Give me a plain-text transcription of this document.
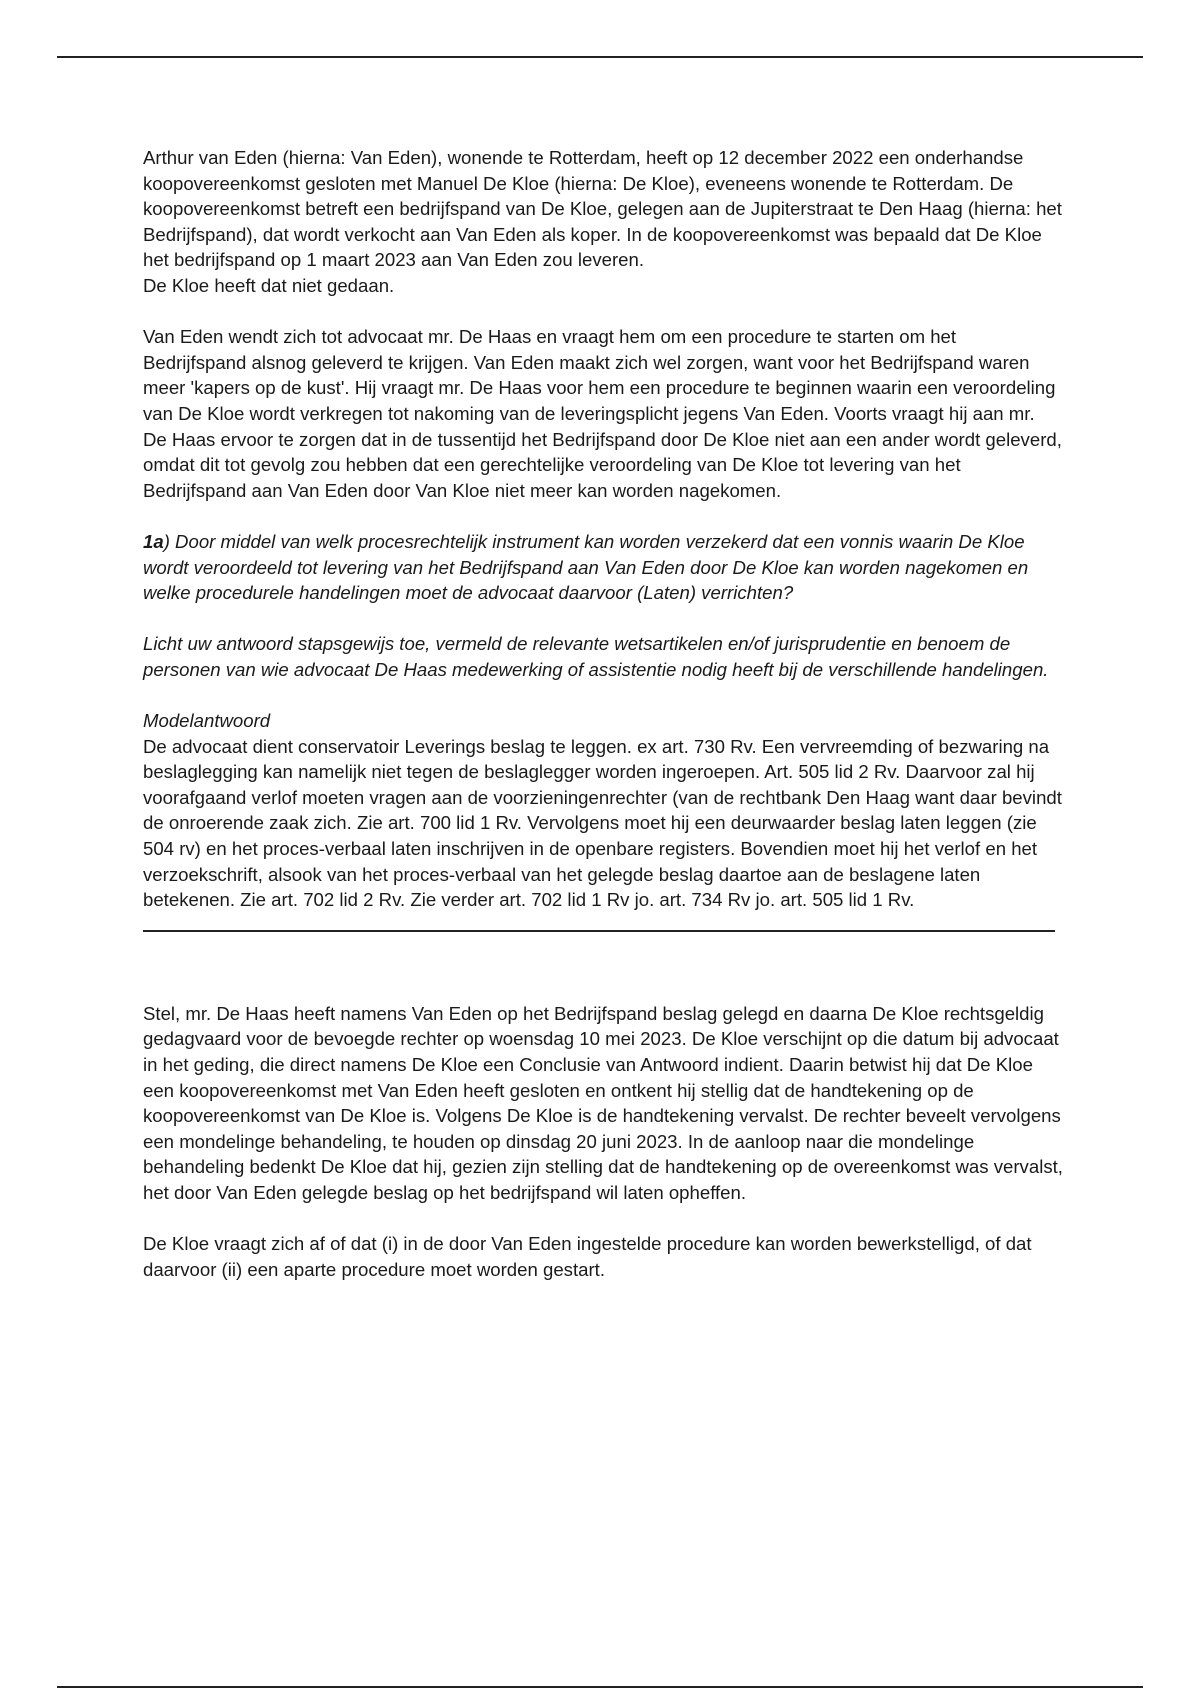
Arthur van Eden (hierna: Van Eden), wonende te Rotterdam, heeft op 12 december 2022 een onderhandse koopovereenkomst gesloten met Manuel De Kloe (hierna: De Kloe), eveneens wonende te Rotterdam. De koopovereenkomst betreft een bedrijfspand van De Kloe, gelegen aan de Jupiterstraat te Den Haag (hierna: het Bedrijfspand), dat wordt verkocht aan Van Eden als koper. In de koopovereenkomst was bepaald dat De Kloe het bedrijfspand op 1 maart 2023 aan Van Eden zou leveren.

De Kloe heeft dat niet gedaan.

Van Eden wendt zich tot advocaat mr. De Haas en vraagt hem om een procedure te starten om het Bedrijfspand alsnog geleverd te krijgen. Van Eden maakt zich wel zorgen, want voor het Bedrijfspand waren meer 'kapers op de kust'. Hij vraagt mr. De Haas voor hem een procedure te beginnen waarin een veroordeling van De Kloe wordt verkregen tot nakoming van de leveringsplicht jegens Van Eden. Voorts vraagt hij aan mr. De Haas ervoor te zorgen dat in de tussentijd het Bedrijfspand door De Kloe niet aan een ander wordt geleverd, omdat dit tot gevolg zou hebben dat een gerechtelijke veroordeling van De Kloe tot levering van het Bedrijfspand aan Van Eden door Van Kloe niet meer kan worden nagekomen.

1a) Door middel van welk procesrechtelijk instrument kan worden verzekerd dat een vonnis waarin De Kloe wordt veroordeeld tot levering van het Bedrijfspand aan Van Eden door De Kloe kan worden nagekomen en welke procedurele handelingen moet de advocaat daarvoor (Laten) verrichten?

Licht uw antwoord stapsgewijs toe, vermeld de relevante wetsartikelen en/of jurisprudentie en benoem de personen van wie advocaat De Haas medewerking of assistentie nodig heeft bij de verschillende handelingen.

Modelantwoord

De advocaat dient conservatoir Leverings beslag te leggen. ex art. 730 Rv. Een vervreemding of bezwaring na beslaglegging kan namelijk niet tegen de beslaglegger worden ingeroepen. Art. 505 lid 2 Rv. Daarvoor zal hij voorafgaand verlof moeten vragen aan de voorzieningenrechter (van de rechtbank Den Haag want daar bevindt de onroerende zaak zich. Zie art. 700 lid 1 Rv. Vervolgens moet hij een deurwaarder beslag laten leggen (zie 504 rv) en het proces-verbaal laten inschrijven in de openbare registers. Bovendien moet hij het verlof en het verzoekschrift, alsook van het proces-verbaal van het gelegde beslag daartoe aan de beslagene laten betekenen. Zie art. 702 lid 2 Rv. Zie verder art. 702 lid 1 Rv jo. art. 734 Rv jo. art. 505 lid 1 Rv.

Stel, mr. De Haas heeft namens Van Eden op het Bedrijfspand beslag gelegd en daarna De Kloe rechtsgeldig gedagvaard voor de bevoegde rechter op woensdag 10 mei 2023. De Kloe verschijnt op die datum bij advocaat in het geding, die direct namens De Kloe een Conclusie van Antwoord indient. Daarin betwist hij dat De Kloe een koopovereenkomst met Van Eden heeft gesloten en ontkent hij stellig dat de handtekening op de koopovereenkomst van De Kloe is. Volgens De Kloe is de handtekening vervalst. De rechter beveelt vervolgens een mondelinge behandeling, te houden op dinsdag 20 juni 2023. In de aanloop naar die mondelinge behandeling bedenkt De Kloe dat hij, gezien zijn stelling dat de handtekening op de overeenkomst was vervalst, het door Van Eden gelegde beslag op het bedrijfspand wil laten opheffen.

De Kloe vraagt zich af of dat (i) in de door Van Eden ingestelde procedure kan worden bewerkstelligd, of dat daarvoor (ii) een aparte procedure moet worden gestart.
